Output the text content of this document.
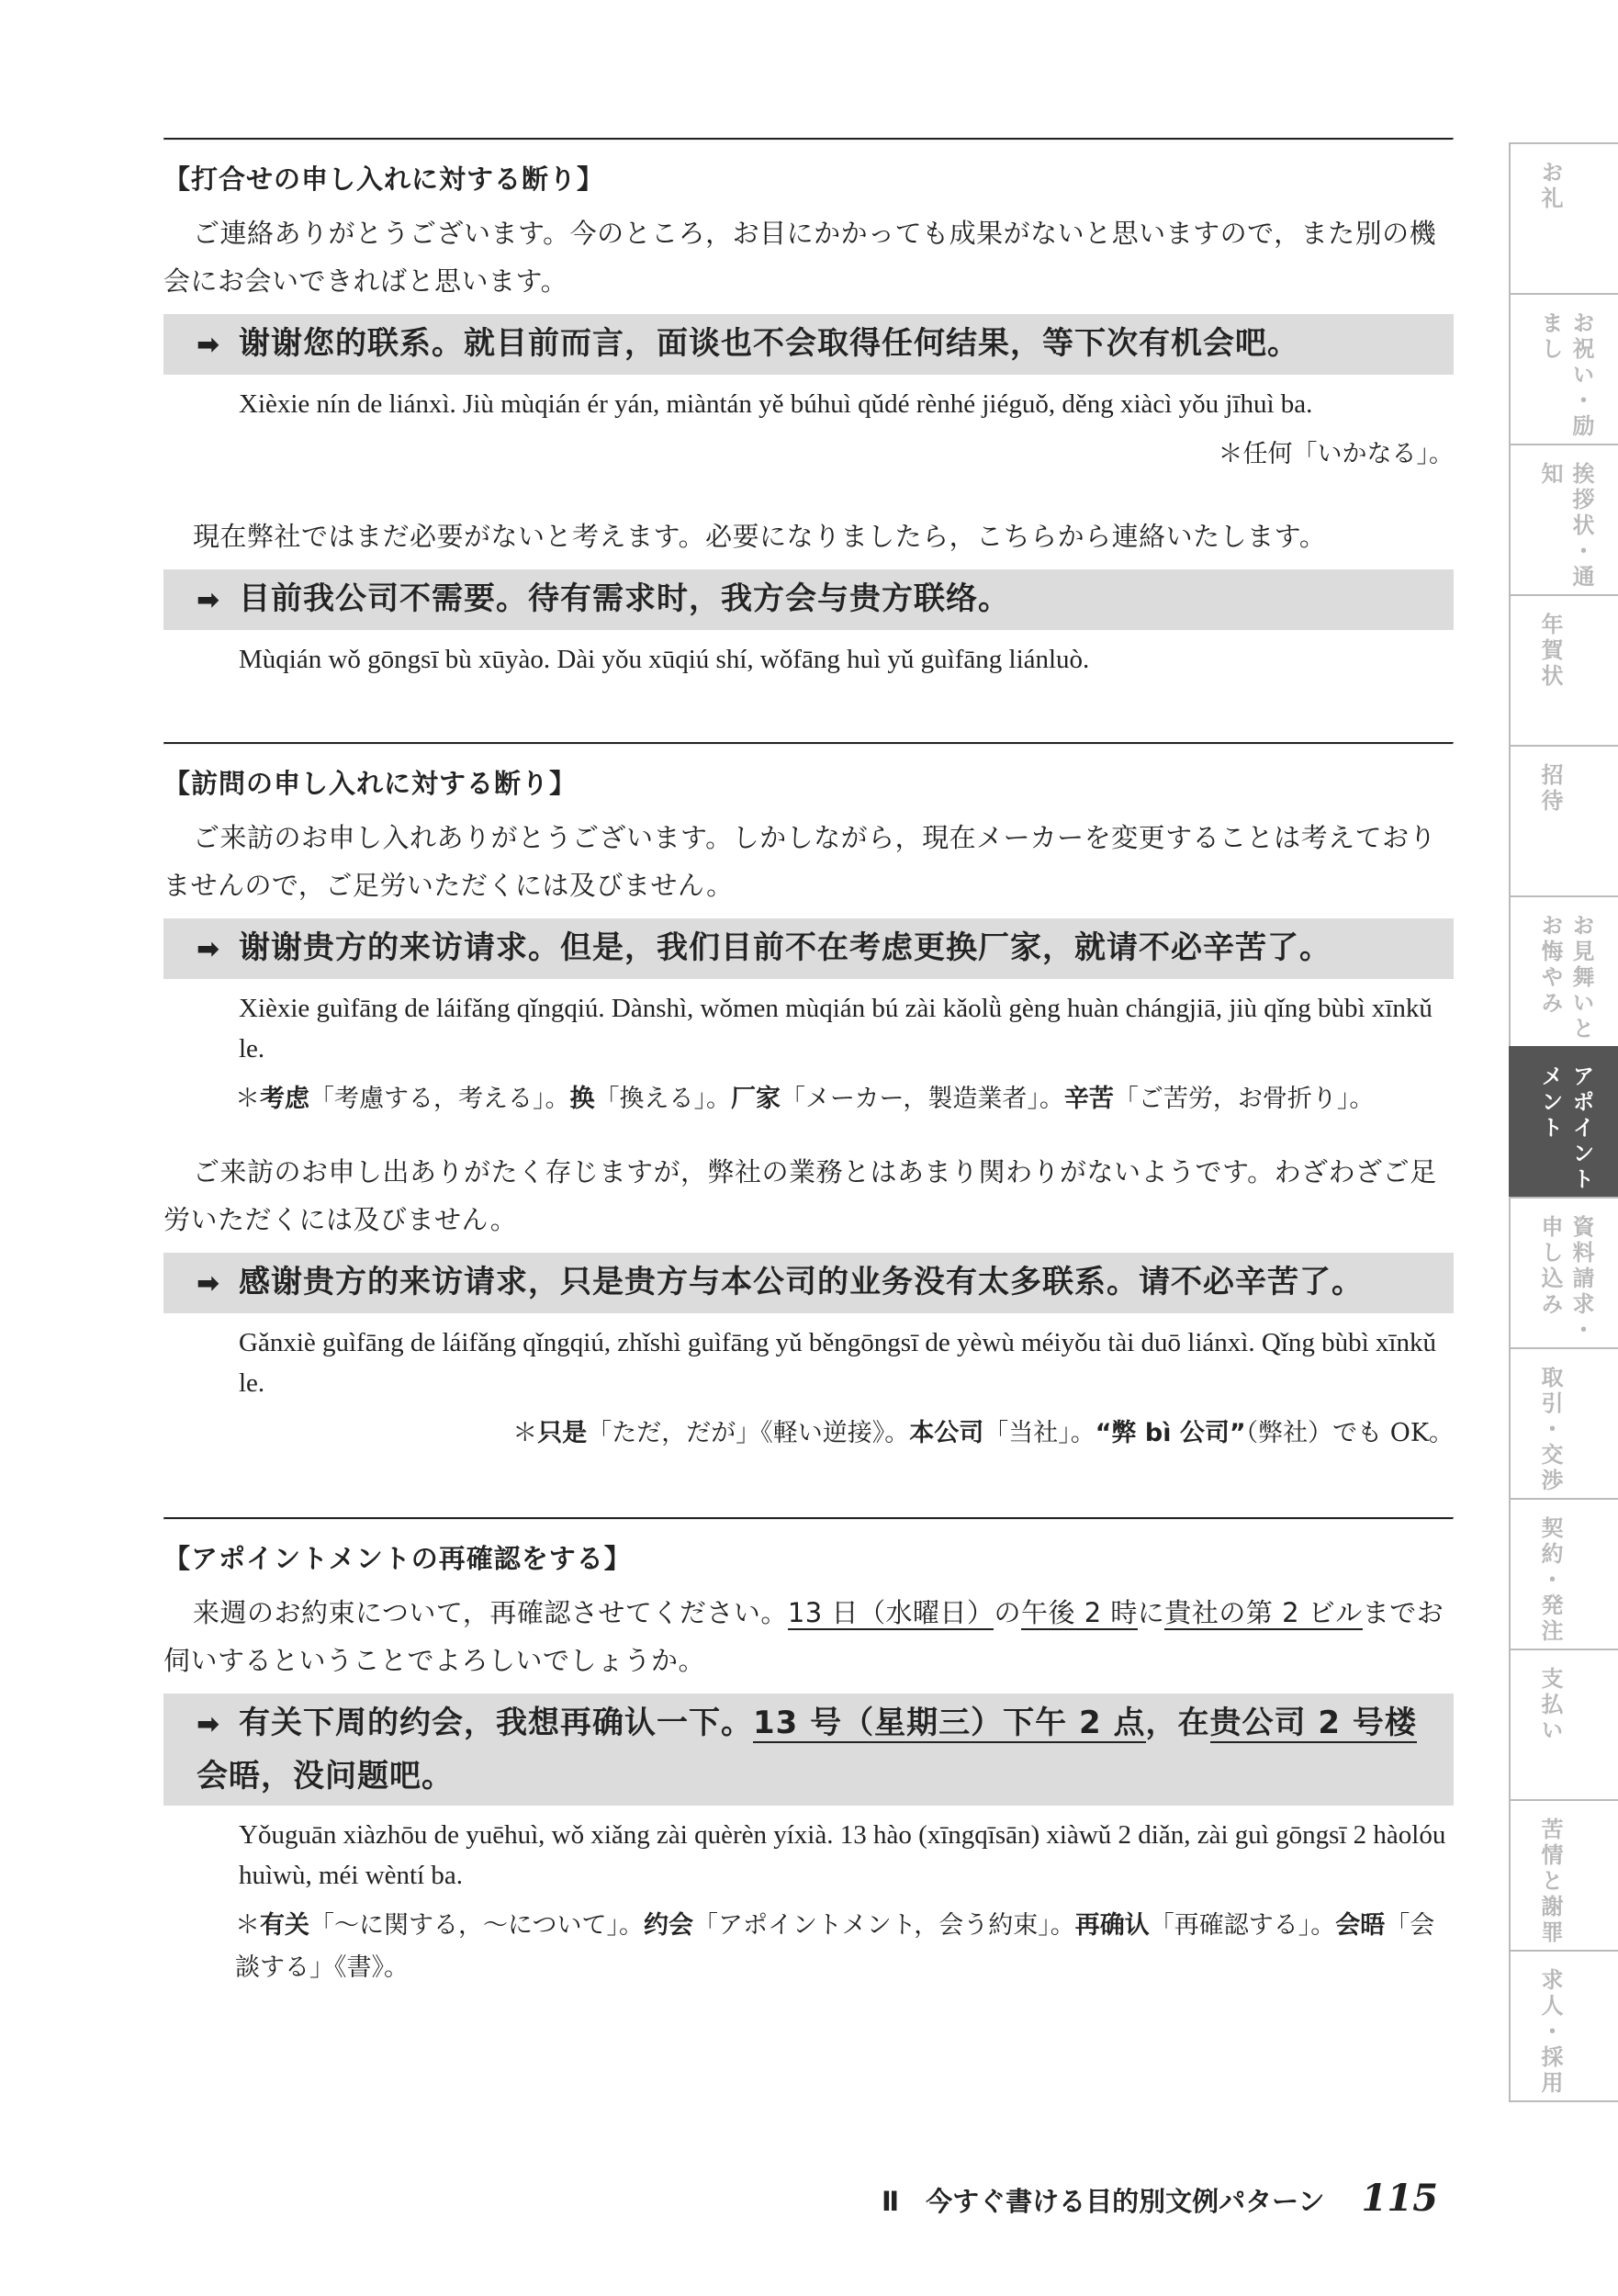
【打合せの申し入れに対する断り】

ご連絡ありがとうございます。今のところ，お目にかかっても成果がないと思いますので，また別の機会にお会いできればと思います。

➡ 谢谢您的联系。就目前而言，面谈也不会取得任何结果，等下次有机会吧。
Xièxie nín de liánxì. Jiù mùqián ér yán, miàntán yě búhuì qǔdé rènhé jiéguǒ, děng xiàcì yǒu jīhuì ba.
＊任何「いかなる」。

現在弊社ではまだ必要がないと考えます。必要になりましたら，こちらから連絡いたします。

➡ 目前我公司不需要。待有需求时，我方会与贵方联络。
Mùqián wǒ gōngsī bù xūyào. Dài yǒu xūqiú shí, wǒfāng huì yǔ guìfāng liánluò.
【訪問の申し入れに対する断り】

ご来訪のお申し入れありがとうございます。しかしながら，現在メーカーを変更することは考えておりませんので，ご足労いただくには及びません。

➡ 谢谢贵方的来访请求。但是，我们目前不在考虑更换厂家，就请不必辛苦了。
Xièxie guìfāng de láifǎng qǐngqiú. Dànshì, wǒmen mùqián bú zài kǎolǜ gèng huàn chángjiā, jiù qǐng bùbì xīnkǔ le.
＊考虑「考慮する，考える」。换「換える」。厂家「メーカー，製造業者」。辛苦「ご苦労，お骨折り」。

ご来訪のお申し出ありがたく存じますが，弊社の業務とはあまり関わりがないようです。わざわざご足労いただくには及びません。

➡ 感谢贵方的来访请求，只是贵方与本公司的业务没有太多联系。请不必辛苦了。
Gǎnxiè guìfāng de láifǎng qǐngqiú, zhǐshì guìfāng yǔ běngōngsī de yèwù méiyǒu tài duō liánxì. Qǐng bùbì xīnkǔ le.
＊只是「ただ，だが」《軽い逆接》。本公司「当社」。“弊 bì 公司”（弊社）でも OK。
【アポイントメントの再確認をする】

来週のお約束について，再確認させてください。13 日（水曜日）の午後 2 時に貴社の第 2 ビルまでお伺いするということでよろしいでしょうか。

➡ 有关下周的约会，我想再确认一下。13 号（星期三）下午 2 点，在贵公司 2 号楼会晤，没问题吧。
Yǒuguān xiàzhōu de yuēhuì, wǒ xiǎng zài quèrèn yíxià. 13 hào (xīngqīsān) xiàwǔ 2 diǎn, zài guì gōngsī 2 hàolóu huìwù, méi wèntí ba.
＊有关「～に関する，～について」。约会「アポイントメント，会う約束」。再确认「再確認する」。会晤「会談する」《書》。
お礼
お祝い・励まし
挨拶状・通知
年賀状
招待
お見舞いとお悔やみ
アポイントメント
資料請求・申し込み
取引・交渉
契約・発注
支払い
苦情と謝罪
求人・採用
Ⅱ　今すぐ書ける目的別文例パターン 115
